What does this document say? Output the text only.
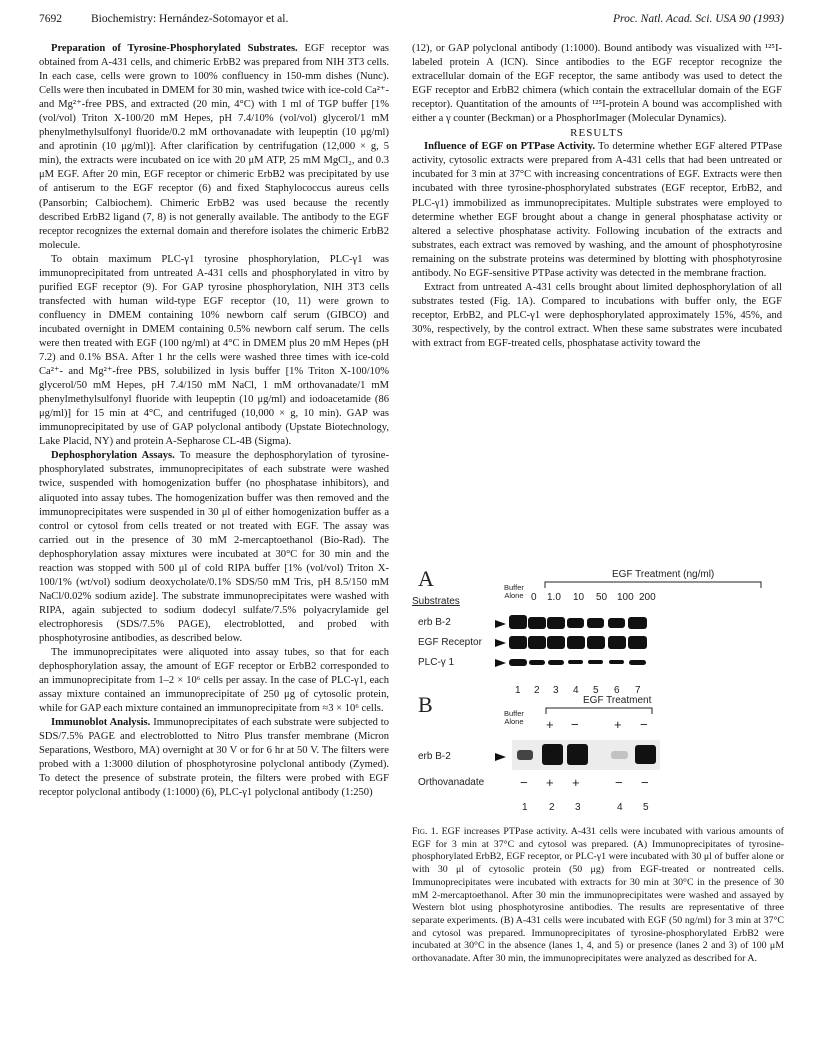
7692	Biochemistry: Hernández-Sotomayor et al.	Proc. Natl. Acad. Sci. USA 90 (1993)

Preparation of Tyrosine-Phosphorylated Substrates. EGF receptor was obtained from A-431 cells, and chimeric ErbB2 was prepared from NIH 3T3 cells. In each case, cells were grown to 100% confluency in 150-mm dishes (Nunc). Cells were then incubated in DMEM for 30 min, washed twice with ice-cold Ca²⁺- and Mg²⁺-free PBS, and extracted (20 min, 4°C) with 1 ml of TGP buffer [1% (vol/vol) Triton X-100/20 mM Hepes, pH 7.4/10% (vol/vol) glycerol/1 mM phenylmethylsulfonyl fluoride/0.2 mM orthovanadate with leupeptin (10 μg/ml) and aprotinin (10 μg/ml)]. After clarification by centrifugation (12,000 × g, 5 min), the extracts were incubated on ice with 20 μM ATP, 25 mM MgCl₂, and 0.3 μM EGF. After 20 min, EGF receptor or chimeric ErbB2 was precipitated by use of antiserum to the EGF receptor (6) and fixed Staphylococcus aureus cells (Pansorbin; Calbiochem). Chimeric ErbB2 was used because the recently described ErbB2 ligand (7, 8) is not generally available. The antibody to the EGF receptor recognizes the external domain and therefore isolates the chimeric ErbB2 molecule.

To obtain maximum PLC-γ1 tyrosine phosphorylation, PLC-γ1 was immunoprecipitated from untreated A-431 cells and phosphorylated in vitro by purified EGF receptor (9). For GAP tyrosine phosphorylation, NIH 3T3 cells transfected with human wild-type EGF receptor (10, 11) were grown to confluency in DMEM containing 10% newborn calf serum (GIBCO) and incubated overnight in DMEM containing 0.5% newborn calf serum. The cells were then treated with EGF (100 ng/ml) at 4°C in DMEM plus 20 mM Hepes (pH 7.2) and 0.1% BSA. After 1 hr the cells were washed three times with ice-cold Ca²⁺- and Mg²⁺-free PBS, solubilized in lysis buffer [1% Triton X-100/10% glycerol/50 mM Hepes, pH 7.4/150 mM NaCl, 1 mM orthovanadate/1 mM phenylmethylsulfonyl fluoride with leupeptin (10 μg/ml) and iodoacetamide (86 μg/ml)] for 15 min at 4°C, and centrifuged (10,000 × g, 10 min). GAP was immunoprecipitated by use of GAP polyclonal antibody (Upstate Biotechnology, Lake Placid, NY) and protein A-Sepharose CL-4B (Sigma).

Dephosphorylation Assays. To measure the dephosphorylation of tyrosine-phosphorylated substrates, immunoprecipitates of each substrate were washed twice, suspended with homogenization buffer (no phosphatase inhibitors), and aliquoted into assay tubes. The homogenization buffer was then removed and the immunoprecipitates were suspended in 30 μl of either homogenization buffer as a control or cytosol from cells treated or not treated with EGF. The assay was carried out in the presence of 30 mM 2-mercaptoethanol (Bio-Rad). The dephosphorylation assay mixtures were incubated at 30°C for 30 min and the reaction was stopped with 500 μl of cold RIPA buffer [1% (vol/vol) Triton X-100/1% (wt/vol) sodium deoxycholate/0.1% SDS/50 mM Tris, pH 8.5/150 mM NaCl/0.02% sodium azide]. The substrate immunoprecipitates were washed with RIPA, again subjected to sodium dodecyl sulfate/7.5% polyacrylamide gel electrophoresis (SDS/7.5% PAGE), electroblotted, and probed with phosphotyrosine antibodies, as described below.

The immunoprecipitates were aliquoted into assay tubes, so that for each dephosphorylation assay, the amount of EGF receptor or ErbB2 corresponded to an immunoprecipitate from 1–2 × 10⁶ cells per assay. In the case of PLC-γ1, each assay mixture contained an immunoprecipitate of 250 μg of cytosolic protein, while for GAP each mixture contained an immunoprecipitate from ≈3 × 10⁶ cells.

Immunoblot Analysis. Immunoprecipitates of each substrate were subjected to SDS/7.5% PAGE and electroblotted to Nitro Plus transfer membrane (Micron Separations, Westboro, MA) overnight at 30 V or for 6 hr at 50 V. The filters were probed with a 1:3000 dilution of phosphotyrosine polyclonal antibody (Zymed). To detect the presence of substrate protein, the filters were probed with EGF receptor polyclonal antibody (1:1000) (6), PLC-γ1 polyclonal antibody (1:250)

(12), or GAP polyclonal antibody (1:1000). Bound antibody was visualized with ¹²⁵I-labeled protein A (ICN). Since antibodies to the EGF receptor recognize the extracellular domain of the EGF receptor, the same antibody was used to detect the EGF receptor and ErbB2 chimera (which contain the extracellular domain of the EGF receptor). Quantitation of the amounts of ¹²⁵I-protein A bound was accomplished with either a γ counter (Beckman) or a PhosphorImager (Molecular Dynamics).

RESULTS

Influence of EGF on PTPase Activity. To determine whether EGF altered PTPase activity, cytosolic extracts were prepared from A-431 cells that had been untreated or incubated for 3 min at 37°C with increasing concentrations of EGF. Extracts were then incubated with three tyrosine-phosphorylated substrates (EGF receptor, ErbB2, and PLC-γ1) immobilized as immunoprecipitates. Multiple substrates were employed to determine whether EGF brought about a change in general phosphatase activity or altered a selective phosphatase activity. Following incubation of the extracts and substrates, each extract was removed by washing, and the amount of phosphotyrosine remaining on the substrate proteins was determined by blotting with phosphotyrosine antibody. No EGF-sensitive PTPase activity was detected in the membrane fraction.

Extract from untreated A-431 cells brought about limited dephosphorylation of all substrates tested (Fig. 1A). Compared to incubations with buffer only, the EGF receptor, ErbB2, and PLC-γ1 were dephosphorylated approximately 15%, 45%, and 30%, respectively, by the control extract. When these same substrates were incubated with extract from EGF-treated cells, phosphatase activity toward the

A	EGF Treatment (ng/ml)
Buffer
Alone
Substrates	0 1.0 10 50 100 200
erb B-2
EGF Receptor
PLC-γ 1
1 2 3 4 5 6 7
B	EGF Treatment
Buffer
Alone + −	+ −
erb B-2
Orthovanadate	− + +	− −
1 2 3	4 5
Fig. 1. EGF increases PTPase activity. A-431 cells were incubated with various amounts of EGF for 3 min at 37°C and cytosol was prepared. (A) Immunoprecipitates of tyrosine-phosphorylated ErbB2, EGF receptor, or PLC-γ1 were incubated with 30 μl of buffer alone or with 30 μl of cytosolic protein (50 μg) from EGF-treated or nontreated cells. Immunoprecipitates were incubated with extracts for 30 min at 30°C in the presence of 30 mM 2-mercaptoethanol. After 30 min the immunoprecipitates were washed and assayed by Western blot using phosphotyrosine antibodies. The results are representative of three separate experiments. (B) A-431 cells were incubated with EGF (50 ng/ml) for 3 min at 37°C and cytosol was prepared. Immunoprecipitates of tyrosine-phosphorylated ErbB2 were incubated at 30°C in the absence (lanes 1, 4, and 5) or presence (lanes 2 and 3) of 100 μM orthovanadate. After 30 min, the immunoprecipitates were analyzed as described for A.
